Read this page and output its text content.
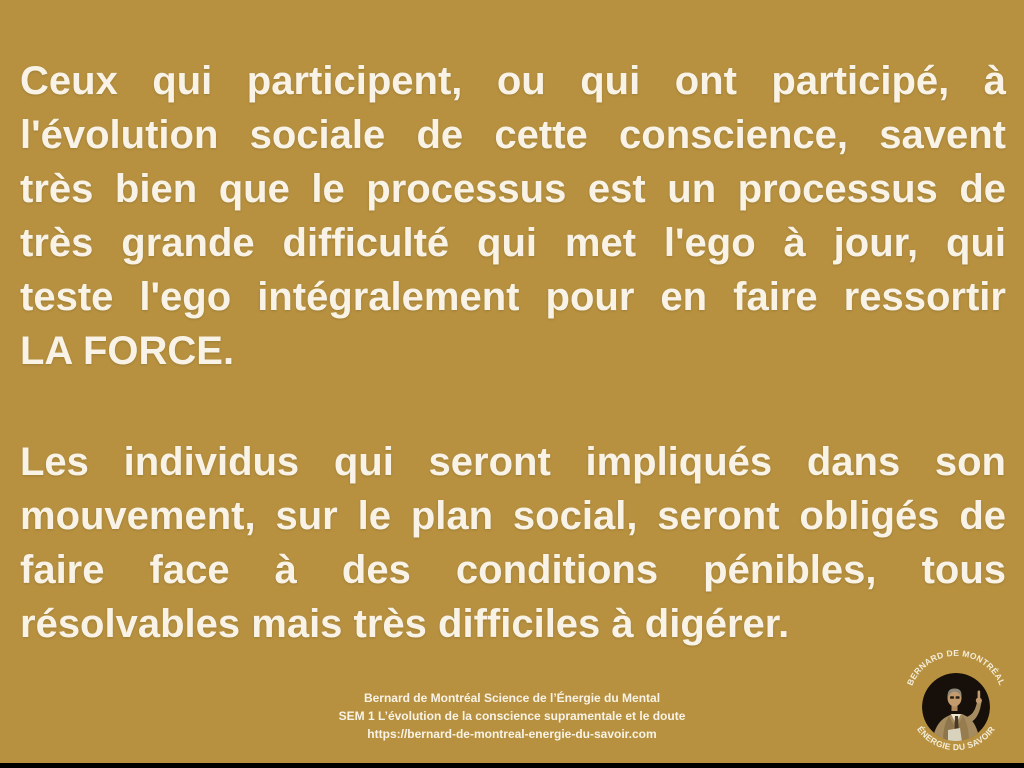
Ceux qui participent, ou qui ont participé, à
l'évolution sociale de cette conscience, savent
très bien que le processus est un processus de
très grande difficulté qui met l'ego à jour, qui
teste l'ego intégralement pour en faire ressortir
LA FORCE.
Les individus qui seront impliqués dans son
mouvement, sur le plan social, seront obligés de
faire face à des conditions pénibles, tous
résolvables mais très difficiles à digérer.
Bernard de Montréal Science de l’Énergie du Mental
SEM 1 L’évolution de la conscience supramentale et le doute
https://bernard-de-montreal-energie-du-savoir.com
BERNARD DE MONTRÉAL
ÉNERGIE DU SAVOIR
